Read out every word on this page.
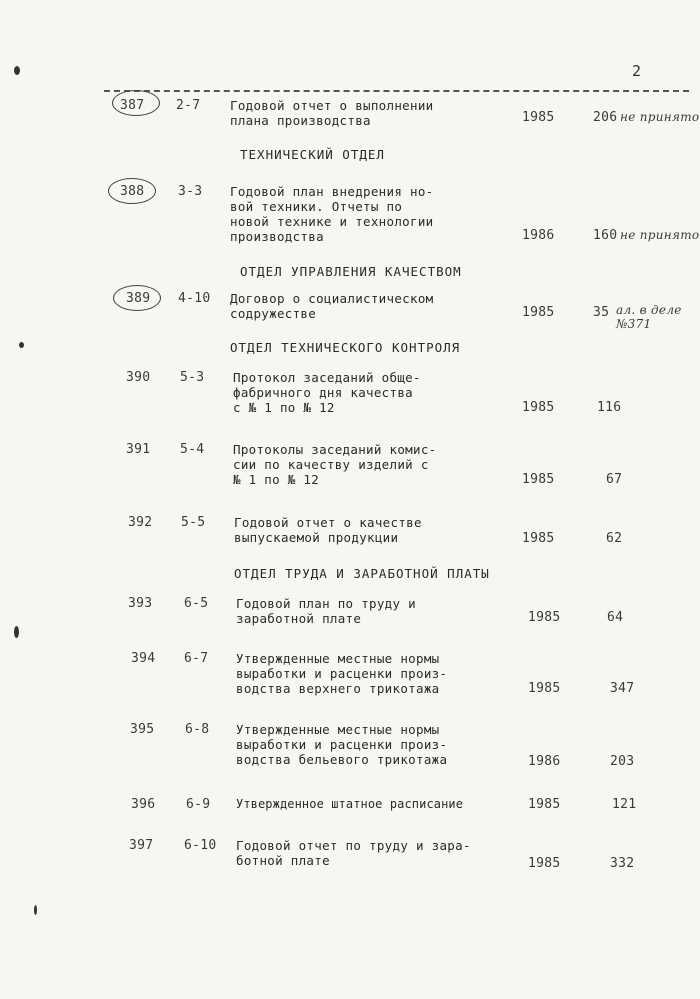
2
387 2-7 Годовой отчет о выполнении
плана производства	1985	206 не принято
ТЕХНИЧЕСКИЙ ОТДЕЛ
388	3-3 Годовой план внедрения но-
вой техники. Отчеты по
новой технике и технологии
производства	1986	160 не принято
ОТДЕЛ УПРАВЛЕНИЯ КАЧЕСТВОМ
389 4-10 Договор о социалистическом
содружестве	1985	35 ал. в деле
№371
ОТДЕЛ ТЕХНИЧЕСКОГО КОНТРОЛЯ
390 5-3 Протокол заседаний обще-
фабричного дня качества
с № 1 по № 12	1985	116
391 5-4 Протоколы заседаний комис-
сии по качеству изделий с
№ 1 по № 12	1985	67
392 5-5 Годовой отчет о качестве
выпускаемой продукции	1985	62
ОТДЕЛ ТРУДА И ЗАРАБОТНОЙ ПЛАТЫ
393 6-5 Годовой план по труду и
заработной плате	1985	64
394 6-7 Утвержденные местные нормы
выработки и расценки произ-
водства верхнего трикотажа	1985	347
395 6-8 Утвержденные местные нормы
выработки и расценки произ-
водства бельевого трикотажа	1986	203
396 6-9 Утвержденное штатное расписание	1985	121
397 6-10 Годовой отчет по труду и зара-
ботной плате	1985	332
